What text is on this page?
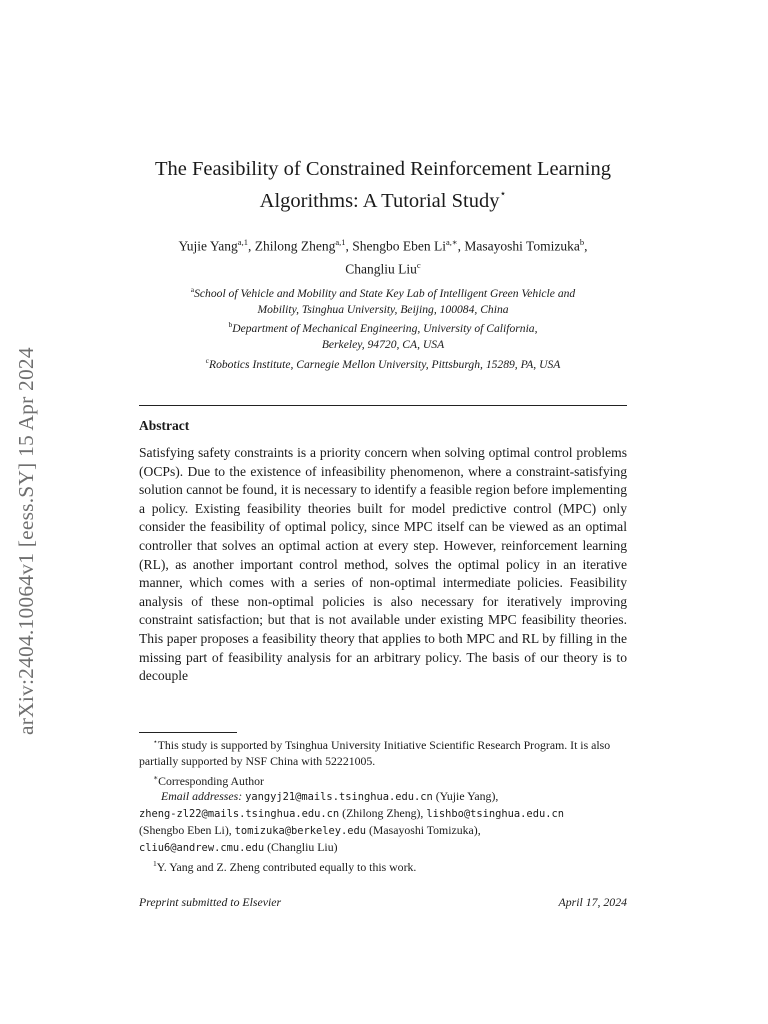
arXiv:2404.10064v1 [eess.SY] 15 Apr 2024
The Feasibility of Constrained Reinforcement Learning
Algorithms: A Tutorial Study⋆
Yujie Yang$^{a,1}$, Zhilong Zheng$^{a,1}$, Shengbo Eben $Li^{a,∗}$, Masayoshi Tomizuka$^b$,
Changliu Liu$^c$
$^a$School of Vehicle and Mobility and State Key Lab of Intelligent Green Vehicle and
Mobility, Tsinghua University, Beijing, 100084, China
$^b$Department of Mechanical Engineering, University of California,
Berkeley, 94720, CA, USA
$^c$Robotics Institute, Carnegie Mellon University, Pittsburgh, 15289, PA, USA
Abstract
Satisfying safety constraints is a priority concern when solving optimal control problems (OCPs). Due to the existence of infeasibility phenomenon, where a constraint-satisfying solution cannot be found, it is necessary to identify a feasible region before implementing a policy. Existing feasibility theories built for model predictive control (MPC) only consider the feasibility of optimal policy, since MPC itself can be viewed as an optimal controller that solves an optimal action at every step. However, reinforcement learning (RL), as another important control method, solves the optimal policy in an iterative manner, which comes with a series of non-optimal intermediate policies. Feasibility analysis of these non-optimal policies is also necessary for iteratively improving constraint satisfaction; but that is not available under existing MPC feasibility theories. This paper proposes a feasibility theory that applies to both MPC and RL by filling in the missing part of feasibility analysis for an arbitrary policy. The basis of our theory is to decouple

⋆This study is supported by Tsinghua University Initiative Scientific Research Program. It is also partially supported by NSF China with 52221005.

∗Corresponding Author

Email addresses: yangyj21@mails.tsinghua.edu.cn (Yujie Yang),
zheng-zl22@mails.tsinghua.edu.cn (Zhilong Zheng), lishbo@tsinghua.edu.cn
(Shengbo Eben Li), tomizuka@berkeley.edu (Masayoshi Tomizuka),
cliu6@andrew.cmu.edu (Changliu Liu)

$^1$Y. Yang and Z. Zheng contributed equally to this work.

Preprint submitted to Elsevier	April 17, 2024
